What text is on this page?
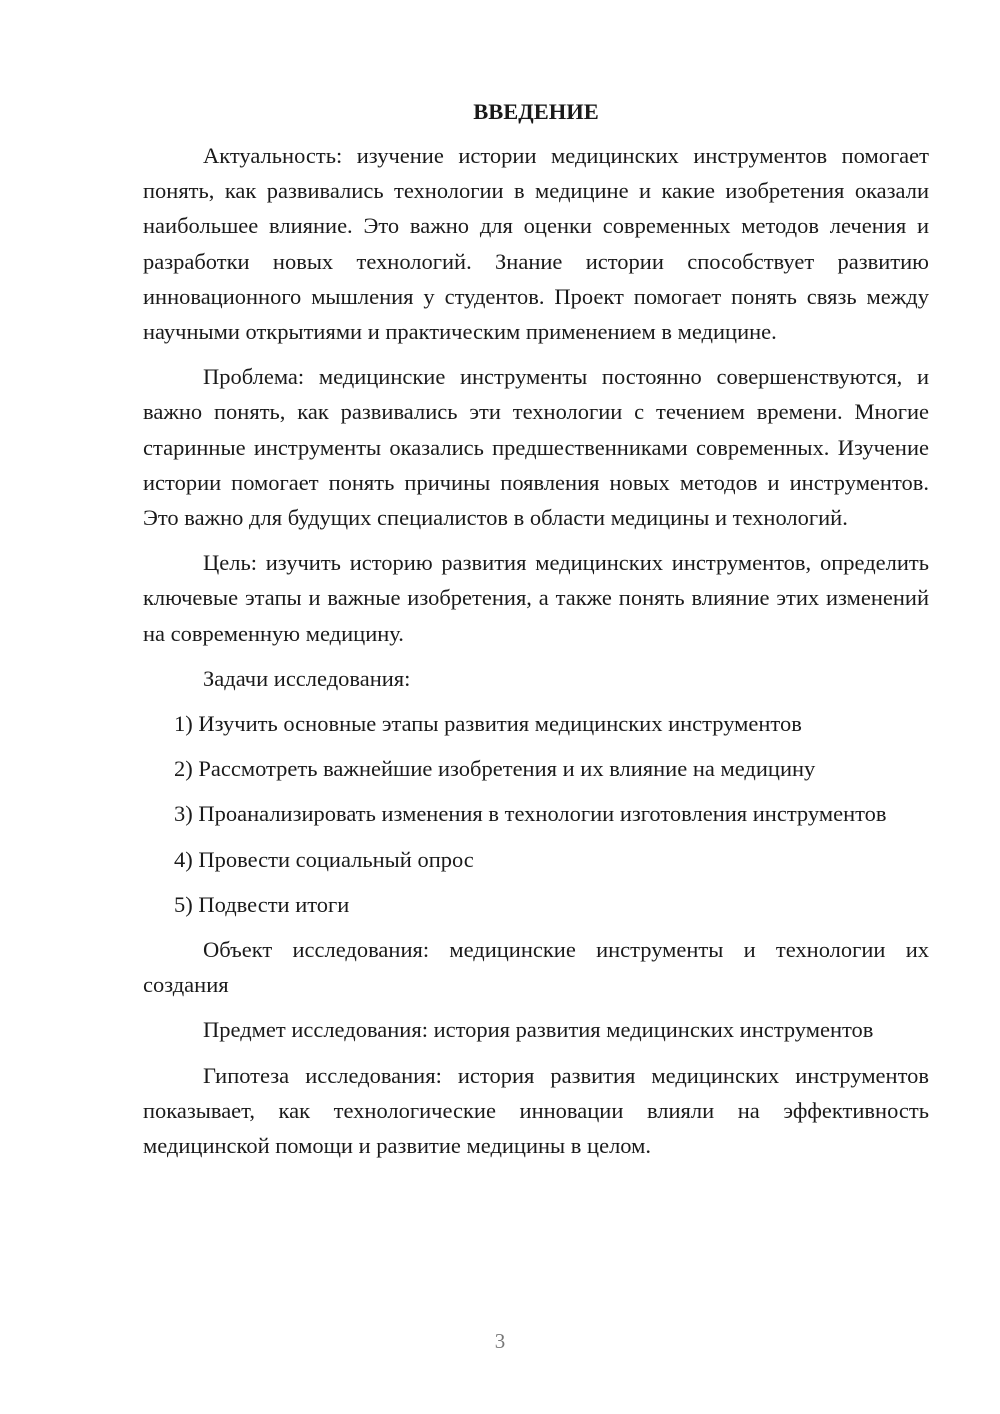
ВВЕДЕНИЕ

Актуальность: изучение истории медицинских инструментов помогает понять, как развивались технологии в медицине и какие изобретения оказали наибольшее влияние. Это важно для оценки современных методов лечения и разработки новых технологий. Знание истории способствует развитию инновационного мышления у студентов. Проект помогает понять связь между научными открытиями и практическим применением в медицине.

Проблема: медицинские инструменты постоянно совершенствуются, и важно понять, как развивались эти технологии с течением времени. Многие старинные инструменты оказались предшественниками современных. Изучение истории помогает понять причины появления новых методов и инструментов. Это важно для будущих специалистов в области медицины и технологий.

Цель: изучить историю развития медицинских инструментов, определить ключевые этапы и важные изобретения, а также понять влияние этих изменений на современную медицину.

Задачи исследования:

1) Изучить основные этапы развития медицинских инструментов

2) Рассмотреть важнейшие изобретения и их влияние на медицину

3) Проанализировать изменения в технологии изготовления инструментов

4) Провести социальный опрос

5) Подвести итоги

Объект исследования: медицинские инструменты и технологии их создания

Предмет исследования: история развития медицинских инструментов

Гипотеза исследования: история развития медицинских инструментов показывает, как технологические инновации влияли на эффективность медицинской помощи и развитие медицины в целом.

3
